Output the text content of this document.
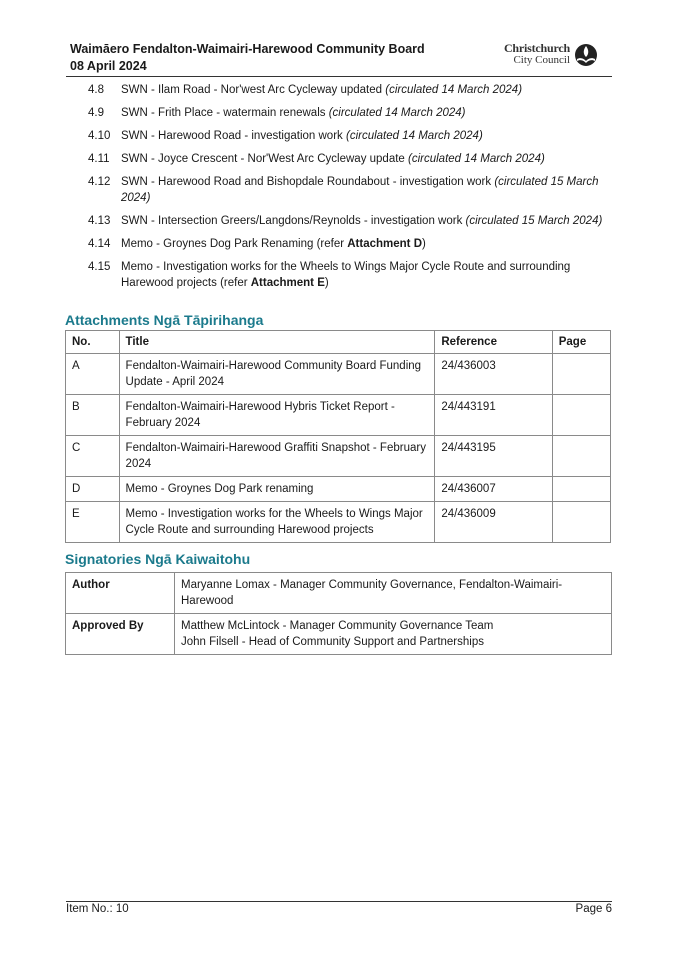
Waimāero Fendalton-Waimairi-Harewood Community Board
08 April 2024
Christchurch
City Council
4.8	SWN - Ilam Road - Nor'west Arc Cycleway updated (circulated 14 March 2024)
4.9	SWN - Frith Place - watermain renewals (circulated 14 March 2024)
4.10 SWN - Harewood Road - investigation work (circulated 14 March 2024)
4.11 SWN - Joyce Crescent - Nor'West Arc Cycleway update (circulated 14 March 2024)
4.12 SWN - Harewood Road and Bishopdale Roundabout - investigation work (circulated 15 March 2024)
4.13 SWN - Intersection Greers/Langdons/Reynolds - investigation work (circulated 15 March 2024)
4.14 Memo - Groynes Dog Park Renaming (refer Attachment D)
4.15 Memo - Investigation works for the Wheels to Wings Major Cycle Route and surrounding Harewood projects (refer Attachment E)
Attachments Ngā Tāpirihanga
No.	Title	Reference	Page
A	Fendalton-Waimairi-Harewood Community Board Funding Update - April 2024	24/436003	
B	Fendalton-Waimairi-Harewood Hybris Ticket Report - February 2024	24/443191	
C	Fendalton-Waimairi-Harewood Graffiti Snapshot - February 2024	24/443195	
D	Memo - Groynes Dog Park renaming	24/436007	
E	Memo - Investigation works for the Wheels to Wings Major Cycle Route and surrounding Harewood projects	24/436009	
Signatories Ngā Kaiwaitohu
Author	Maryanne Lomax - Manager Community Governance, Fendalton-Waimairi-Harewood
Approved By	Matthew McLintock - Manager Community Governance Team
John Filsell - Head of Community Support and Partnerships
Item No.: 10	Page 6
